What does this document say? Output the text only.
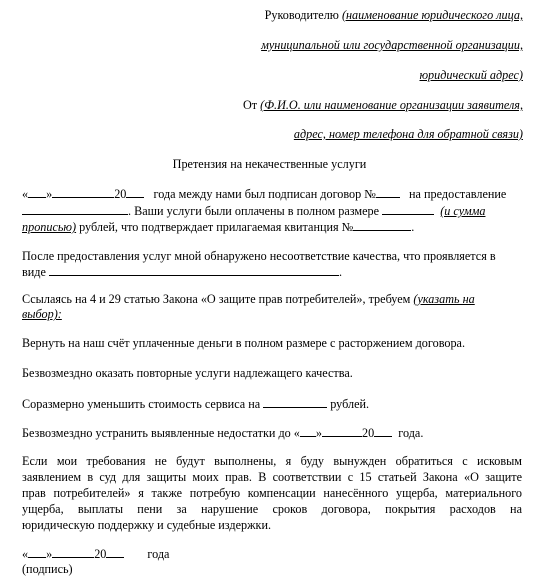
Руководителю (наименование юридического лица,
муниципальной или государственной организации,
юридический адрес)
От (Ф.И.О. или наименование организации заявителя,
адрес, номер телефона для обратной связи)
Претензия на некачественные услуги
« »	20 года между нами был подписан договор №	на предоставление
. Ваши услуги были оплачены в полном размере	(и сумма
прописью) рублей, что подтверждает прилагаемая квитанция №	.
После предоставления услуг мной обнаружено несоответствие качества, что проявляется в
виде	.
Ссылаясь на 4 и 29 статью Закона «О защите прав потребителей», требуем (указать на
выбор):
Вернуть на наш счёт уплаченные деньги в полном размере с расторжением договора.
Безвозмездно оказать повторные услуги надлежащего качества.
Соразмерно уменьшить стоимость сервиса на	рублей.
Безвозмездно устранить выявленные недостатки до « »	20 года.
Если мои требования не будут выполнены, я буду вынужден обратиться с исковым
заявлением в суд для защиты моих прав. В соответствии с 15 статьей Закона «О защите
прав потребителей» я также потребую компенсации нанесённого ущерба, материального
ущерба, выплаты пени за нарушение сроков договора, покрытия расходов на
юридическую поддержку и судебные издержки.
« »	20	года
(подпись)
